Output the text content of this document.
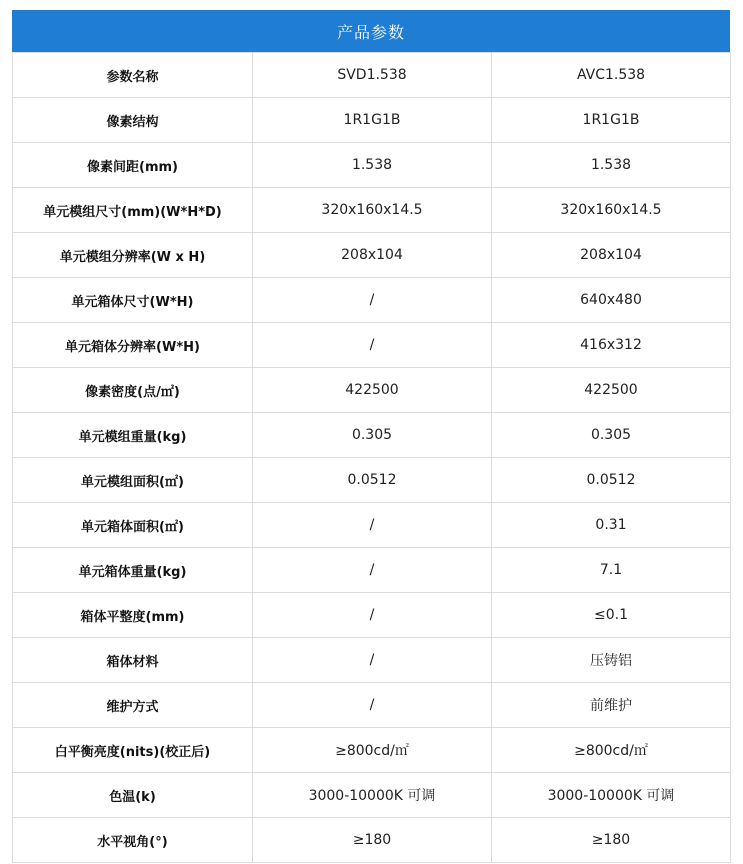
产品参数
参数名称	SVD1.538	AVC1.538
像素结构	1R1G1B	1R1G1B
像素间距(mm)	1.538	1.538
单元模组尺寸(mm)(W*H*D)	320x160x14.5	320x160x14.5
单元模组分辨率(W x H)	208x104	208x104
单元箱体尺寸(W*H)	/	640x480
单元箱体分辨率(W*H)	/	416x312
像素密度(点/㎡)	422500	422500
单元模组重量(kg)	0.305	0.305
单元模组面积(㎡)	0.0512	0.0512
单元箱体面积(㎡)	/	0.31
单元箱体重量(kg)	/	7.1
箱体平整度(mm)	/	≤0.1
箱体材料	/	压铸铝
维护方式	/	前维护
白平衡亮度(nits)(校正后)	≥800cd/㎡	≥800cd/㎡
色温(k)	3000-10000K 可调	3000-10000K 可调
水平视角(°)	≥180	≥180
